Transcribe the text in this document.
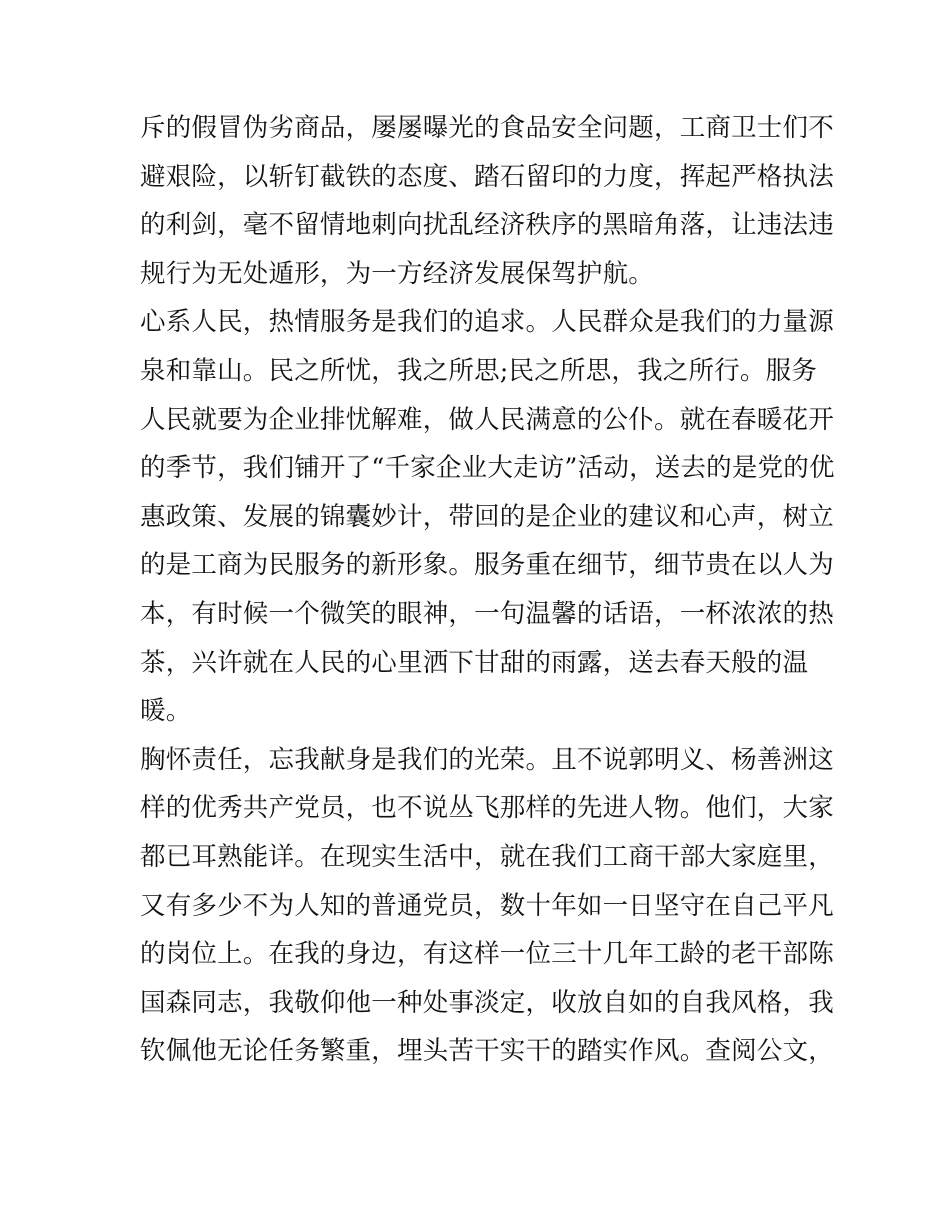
斥的假冒伪劣商品，屡屡曝光的食品安全问题，工商卫士们不
避艰险，以斩钉截铁的态度、踏石留印的力度，挥起严格执法
的利剑，毫不留情地刺向扰乱经济秩序的黑暗角落，让违法违
规行为无处遁形，为一方经济发展保驾护航。
心系人民，热情服务是我们的追求。人民群众是我们的力量源
泉和靠山。民之所忧，我之所思;民之所思，我之所行。服务
人民就要为企业排忧解难，做人民满意的公仆。就在春暖花开
的季节，我们铺开了“千家企业大走访”活动，送去的是党的优
惠政策、发展的锦囊妙计，带回的是企业的建议和心声，树立
的是工商为民服务的新形象。服务重在细节，细节贵在以人为
本，有时候一个微笑的眼神，一句温馨的话语，一杯浓浓的热
茶，兴许就在人民的心里洒下甘甜的雨露，送去春天般的温
暖。
胸怀责任，忘我献身是我们的光荣。且不说郭明义、杨善洲这
样的优秀共产党员，也不说丛飞那样的先进人物。他们，大家
都已耳熟能详。在现实生活中，就在我们工商干部大家庭里，
又有多少不为人知的普通党员，数十年如一日坚守在自己平凡
的岗位上。在我的身边，有这样一位三十几年工龄的老干部陈
国森同志，我敬仰他一种处事淡定，收放自如的自我风格，我
钦佩他无论任务繁重，埋头苦干实干的踏实作风。查阅公文，
